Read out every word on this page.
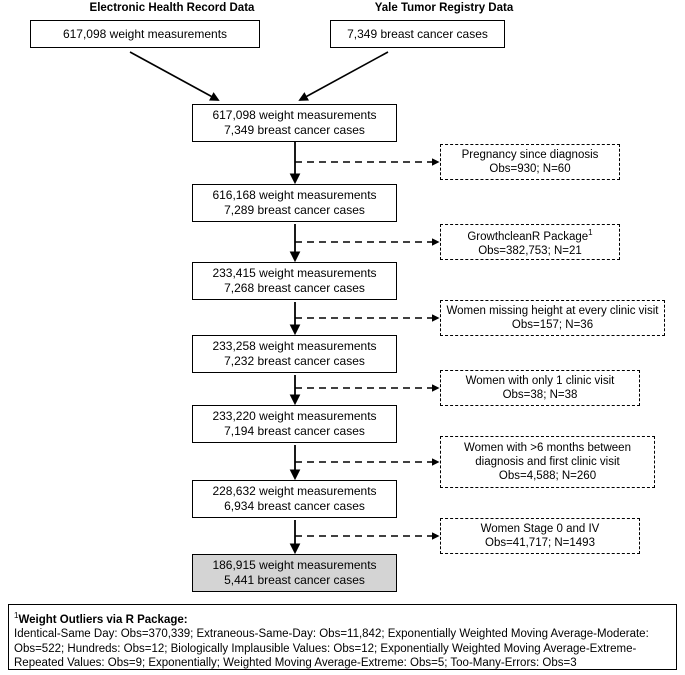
Electronic Health Record Data	Yale Tumor Registry Data
617,098 weight measurements	7,349 breast cancer cases
617,098 weight measurements
7,349 breast cancer cases
616,168 weight measurements
7,289 breast cancer cases
233,415 weight measurements
7,268 breast cancer cases
233,258 weight measurements
7,232 breast cancer cases
233,220 weight measurements
7,194 breast cancer cases
228,632 weight measurements
6,934 breast cancer cases
186,915 weight measurements
5,441 breast cancer cases
Pregnancy since diagnosis
Obs=930; N=60
GrowthcleanR Package$^1$
Obs=382,753; N=21
Women missing height at every clinic visit
Obs=157; N=36
Women with only 1 clinic visit
Obs=38; N=38
Women with >6 months between
diagnosis and first clinic visit
Obs=4,588; N=260
Women Stage 0 and IV
Obs=41,717; N=1493
$^1$Weight Outliers via R Package:
Identical-Same Day: Obs=370,339; Extraneous-Same-Day: Obs=11,842; Exponentially Weighted Moving Average-Moderate: Obs=522; Hundreds: Obs=12; Biologically Implausible Values: Obs=12; Exponentially Weighted Moving Average-Extreme-Repeated Values: Obs=9; Exponentially; Weighted Moving Average-Extreme: Obs=5; Too-Many-Errors: Obs=3
